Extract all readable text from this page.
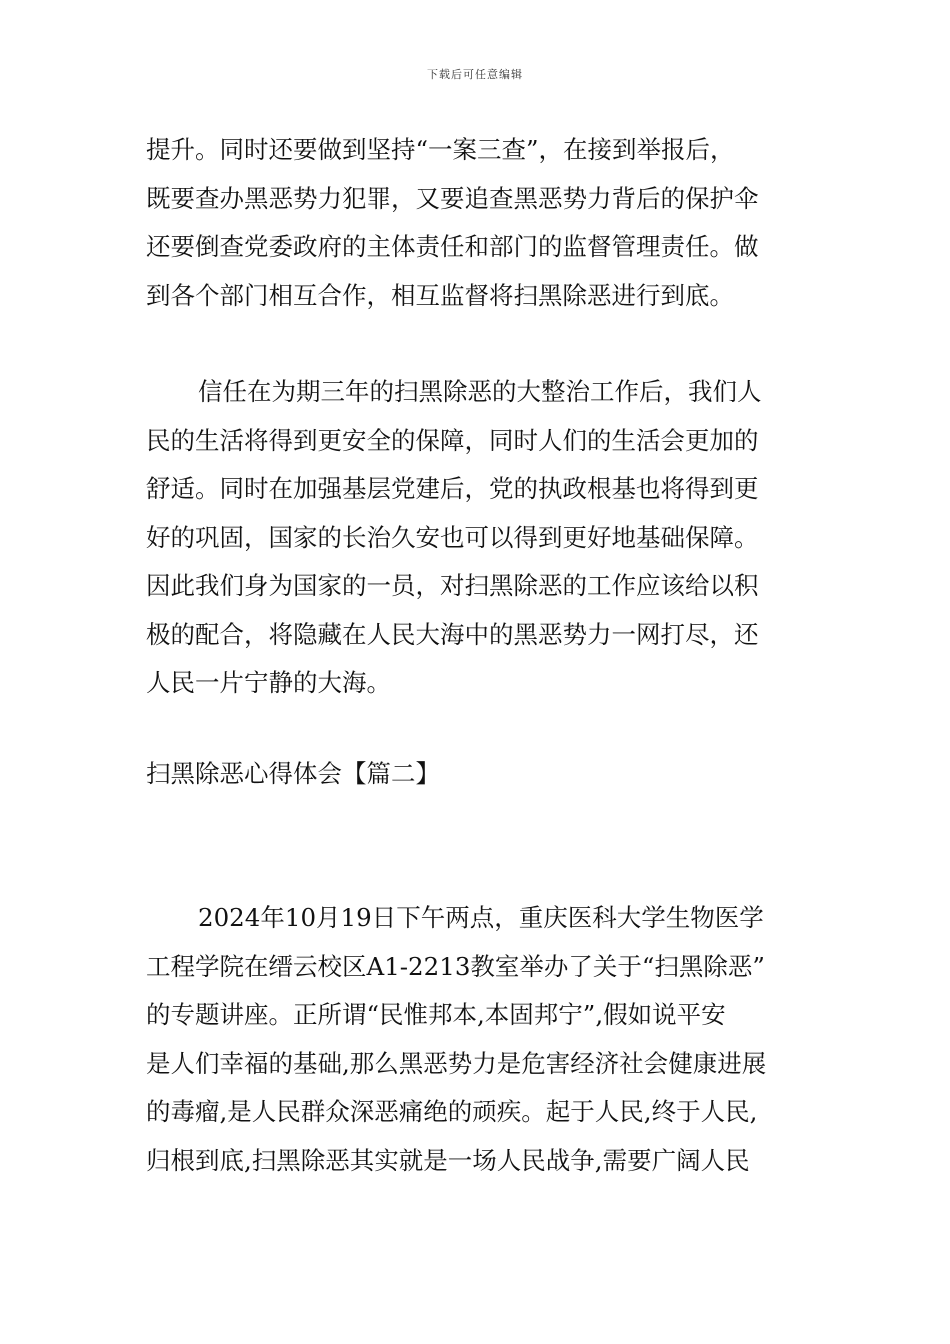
下载后可任意编辑
提升。同时还要做到坚持“一案三查”，在接到举报后，
既要查办黑恶势力犯罪，又要追查黑恶势力背后的保护伞
还要倒查党委政府的主体责任和部门的监督管理责任。做
到各个部门相互合作，相互监督将扫黑除恶进行到底。
信任在为期三年的扫黑除恶的大整治工作后，我们人
民的生活将得到更安全的保障，同时人们的生活会更加的
舒适。同时在加强基层党建后，党的执政根基也将得到更
好的巩固，国家的长治久安也可以得到更好地基础保障。
因此我们身为国家的一员，对扫黑除恶的工作应该给以积
极的配合，将隐藏在人民大海中的黑恶势力一网打尽，还
人民一片宁静的大海。
扫黑除恶心得体会【篇二】
2024年10月19日下午两点，重庆医科大学生物医学
工程学院在缙云校区A1-2213教室举办了关于“扫黑除恶”
的专题讲座。正所谓“民惟邦本,本固邦宁”,假如说平安
是人们幸福的基础,那么黑恶势力是危害经济社会健康进展
的毒瘤,是人民群众深恶痛绝的顽疾。起于人民,终于人民,
归根到底,扫黑除恶其实就是一场人民战争,需要广阔人民
